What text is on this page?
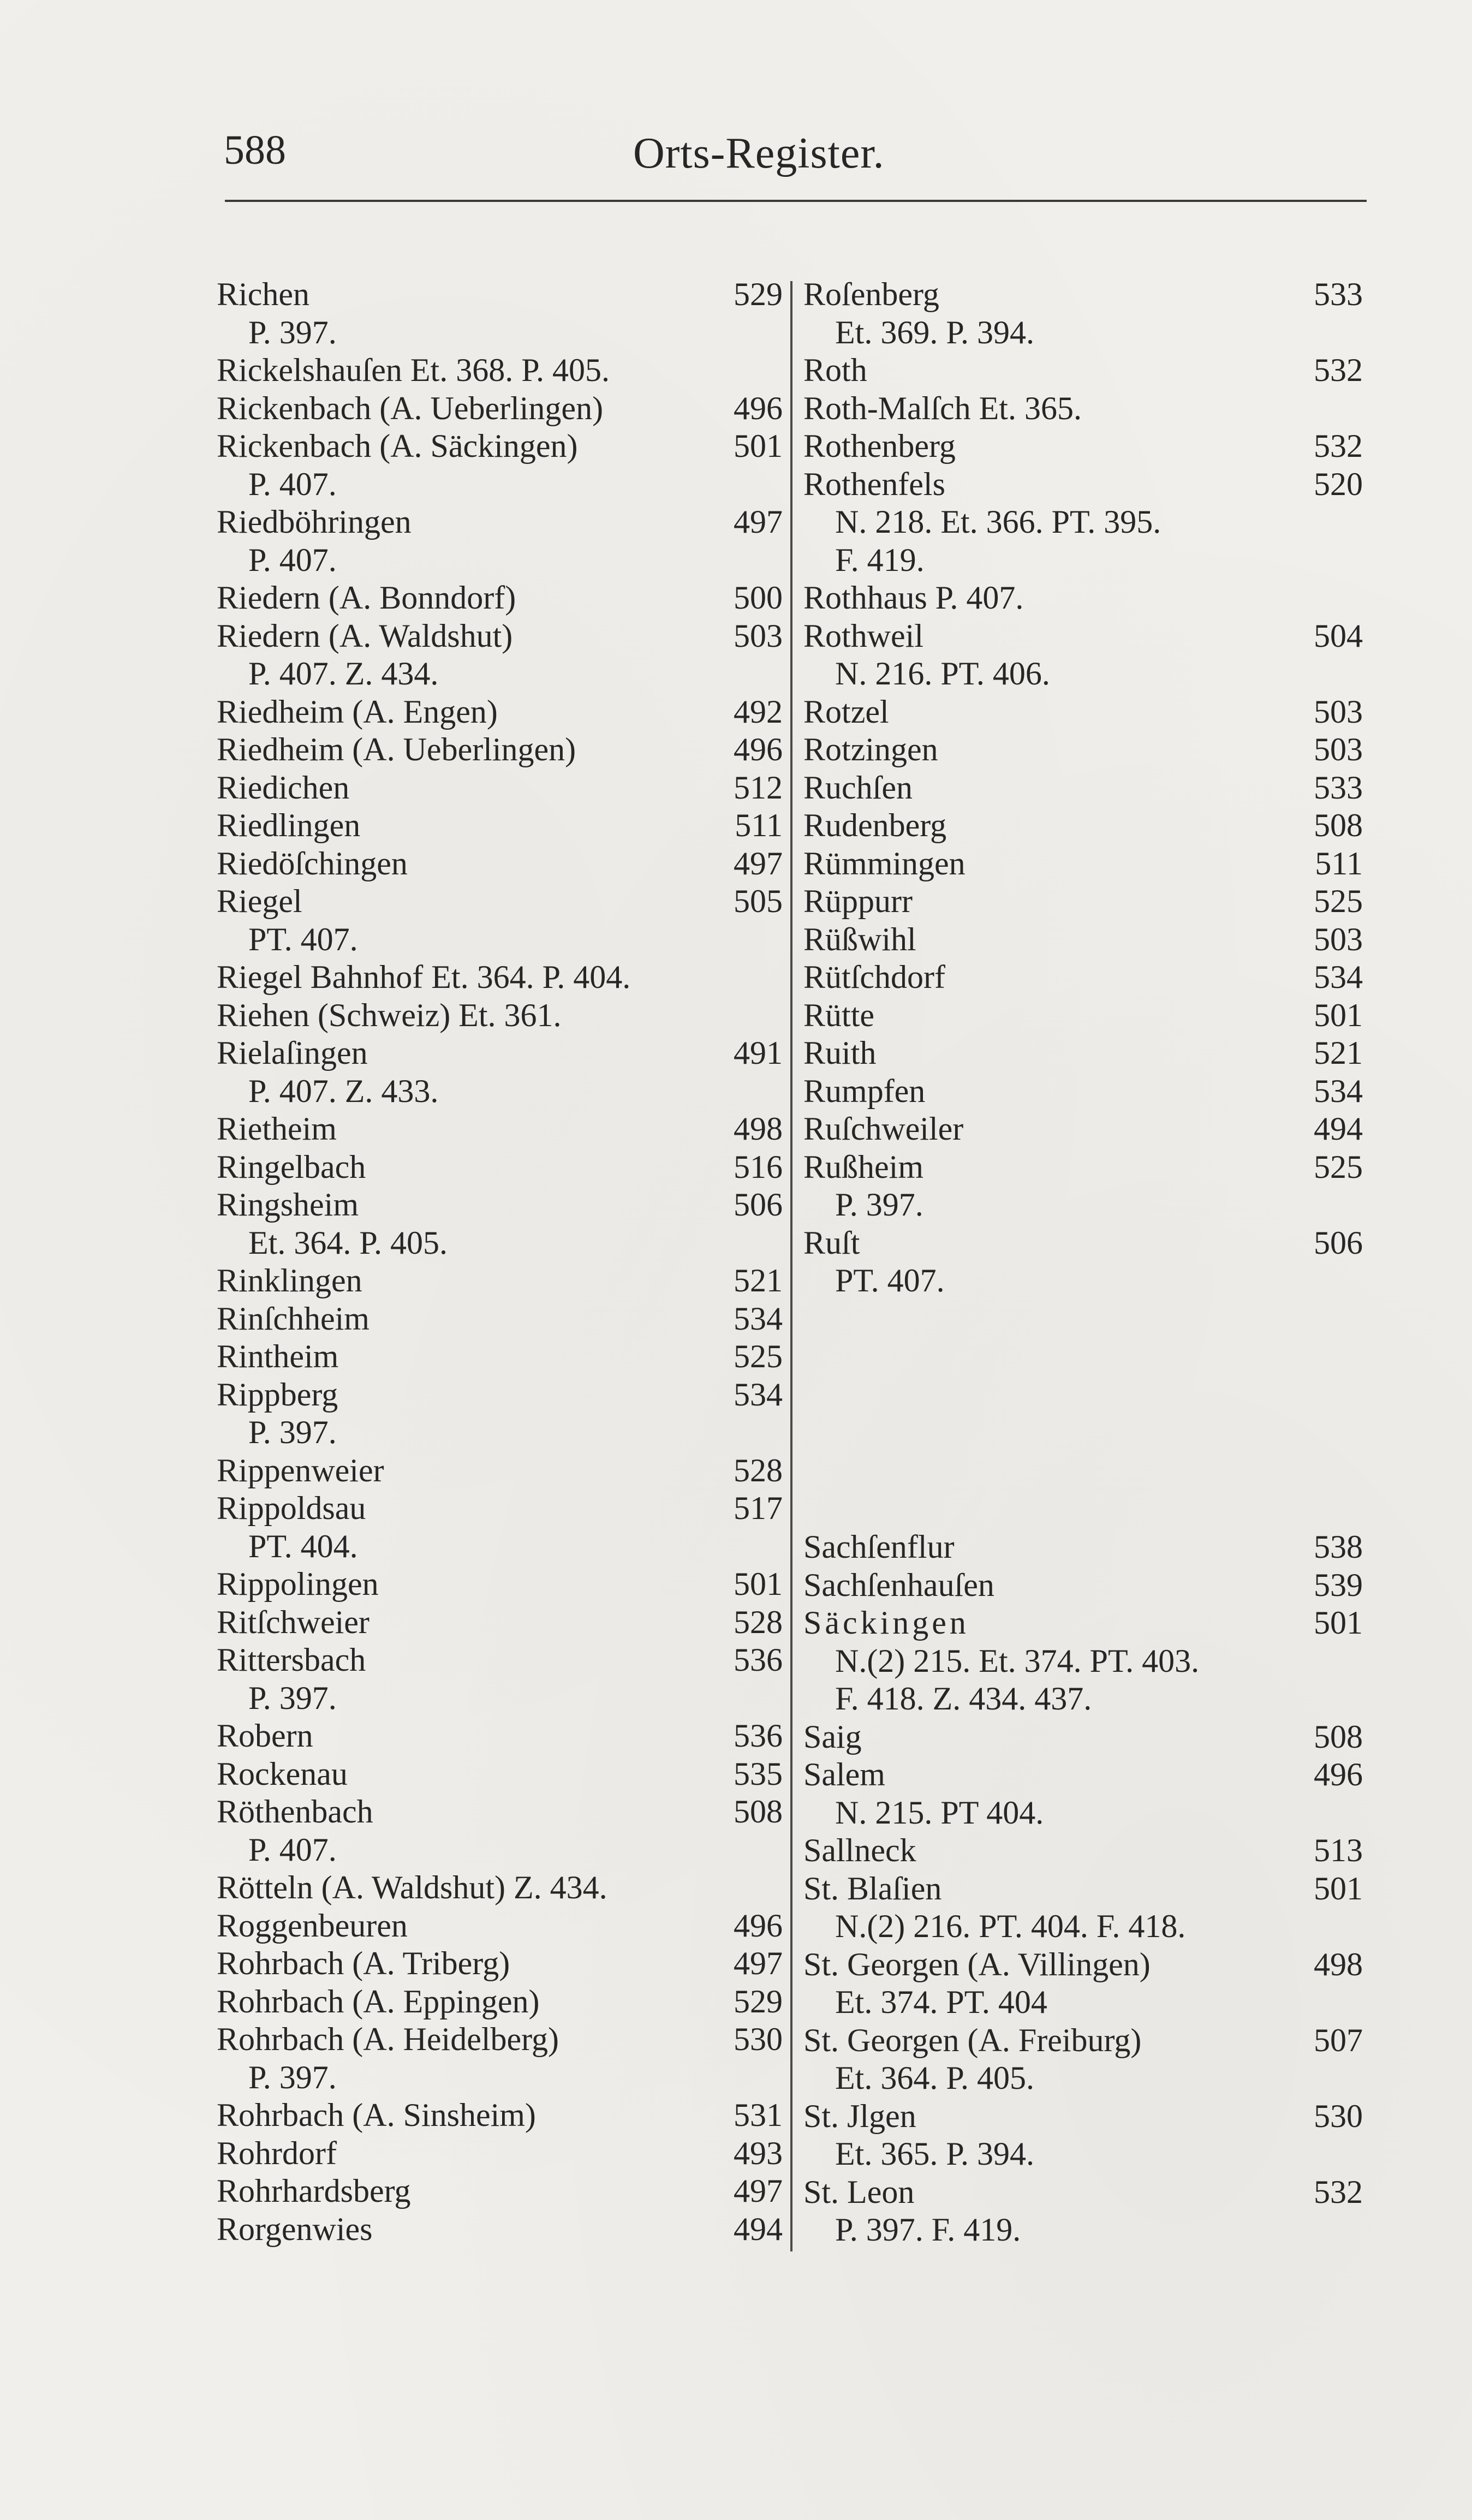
588	Orts-Register.
Richen	529
P. 397.
Rickelshauſen Et. 368. P. 405.
Rickenbach (A. Ueberlingen)	496
Rickenbach (A. Säckingen)	501
P. 407.
Riedböhringen	497
P. 407.
Riedern (A. Bonndorf)	500
Riedern (A. Waldshut)	503
P. 407. Z. 434.
Riedheim (A. Engen)	492
Riedheim (A. Ueberlingen)	496
Riedichen	512
Riedlingen	511
Riedöſchingen	497
Riegel	505
PT. 407.
Riegel Bahnhof Et. 364. P. 404.
Riehen (Schweiz) Et. 361.
Rielaſingen	491
P. 407. Z. 433.
Rietheim	498
Ringelbach	516
Ringsheim	506
Et. 364. P. 405.
Rinklingen	521
Rinſchheim	534
Rintheim	525
Rippberg	534
P. 397.
Rippenweier	528
Rippoldsau	517
PT. 404.
Rippolingen	501
Ritſchweier	528
Rittersbach	536
P. 397.
Robern	536
Rockenau	535
Röthenbach	508
P. 407.
Rötteln (A. Waldshut) Z. 434.
Roggenbeuren	496
Rohrbach (A. Triberg)	497
Rohrbach (A. Eppingen)	529
Rohrbach (A. Heidelberg)	530
P. 397.
Rohrbach (A. Sinsheim)	531
Rohrdorf	493
Rohrhardsberg	497
Rorgenwies	494
Roſenberg	533
Et. 369. P. 394.
Roth	532
Roth-Malſch Et. 365.
Rothenberg	532
Rothenfels	520
N. 218. Et. 366. PT. 395.
F. 419.
Rothhaus P. 407.
Rothweil	504
N. 216. PT. 406.
Rotzel	503
Rotzingen	503
Ruchſen	533
Rudenberg	508
Rümmingen	511
Rüppurr	525
Rüßwihl	503
Rütſchdorf	534
Rütte	501
Ruith	521
Rumpfen	534
Ruſchweiler	494
Rußheim	525
P. 397.
Ruſt	506
PT. 407.
Sachſenflur	538
Sachſenhauſen	539
Säckingen	501
N.(2) 215. Et. 374. PT. 403.
F. 418. Z. 434. 437.
Saig	508
Salem	496
N. 215. PT 404.
Sallneck	513
St. Blaſien	501
N.(2) 216. PT. 404. F. 418.
St. Georgen (A. Villingen)	498
Et. 374. PT. 404
St. Georgen (A. Freiburg)	507
Et. 364. P. 405.
St. Jlgen	530
Et. 365. P. 394.
St. Leon	532
P. 397. F. 419.
